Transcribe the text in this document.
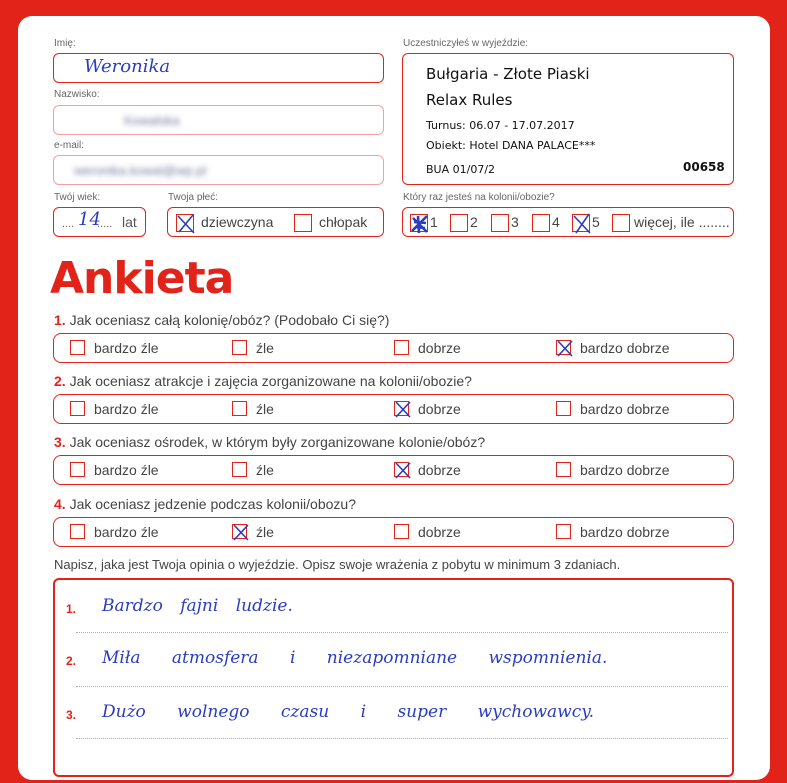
Imię:
Weronika
Nazwisko:
Kowalska
e-mail:
weronika.kowal@wp.pl
Twój wiek:
.... 14
..... lat
Twoja płeć:
dziewczyna	chłopak
Uczestniczyłeś w wyjeździe:
Bułgaria - Złote Piaski
Relax Rules
Turnus: 06.07 - 17.07.2017
Obiekt: Hotel DANA PALACE***
BUA 01/07/2	00658
Który raz jesteś na kolonii/obozie?
1 2 3 4 5 więcej, ile ........
Ankieta
1. Jak oceniasz całą kolonię/obóz? (Podobało Ci się?)
bardzo źle	źle	dobrze	bardzo dobrze
2. Jak oceniasz atrakcje i zajęcia zorganizowane na kolonii/obozie?
bardzo źle	źle	dobrze	bardzo dobrze
3. Jak oceniasz ośrodek, w którym były zorganizowane kolonie/obóz?
bardzo źle	źle	dobrze	bardzo dobrze
4. Jak oceniasz jedzenie podczas kolonii/obozu?
bardzo źle	źle	dobrze	bardzo dobrze
Napisz, jaka jest Twoja opinia o wyjeździe. Opisz swoje wrażenia z pobytu w minimum 3 zdaniach.
1. Bardzo fajni ludzie.
2. Miła atmosfera i niezapomniane wspomnienia.
3. Dużo wolnego czasu i super wychowawcy.
